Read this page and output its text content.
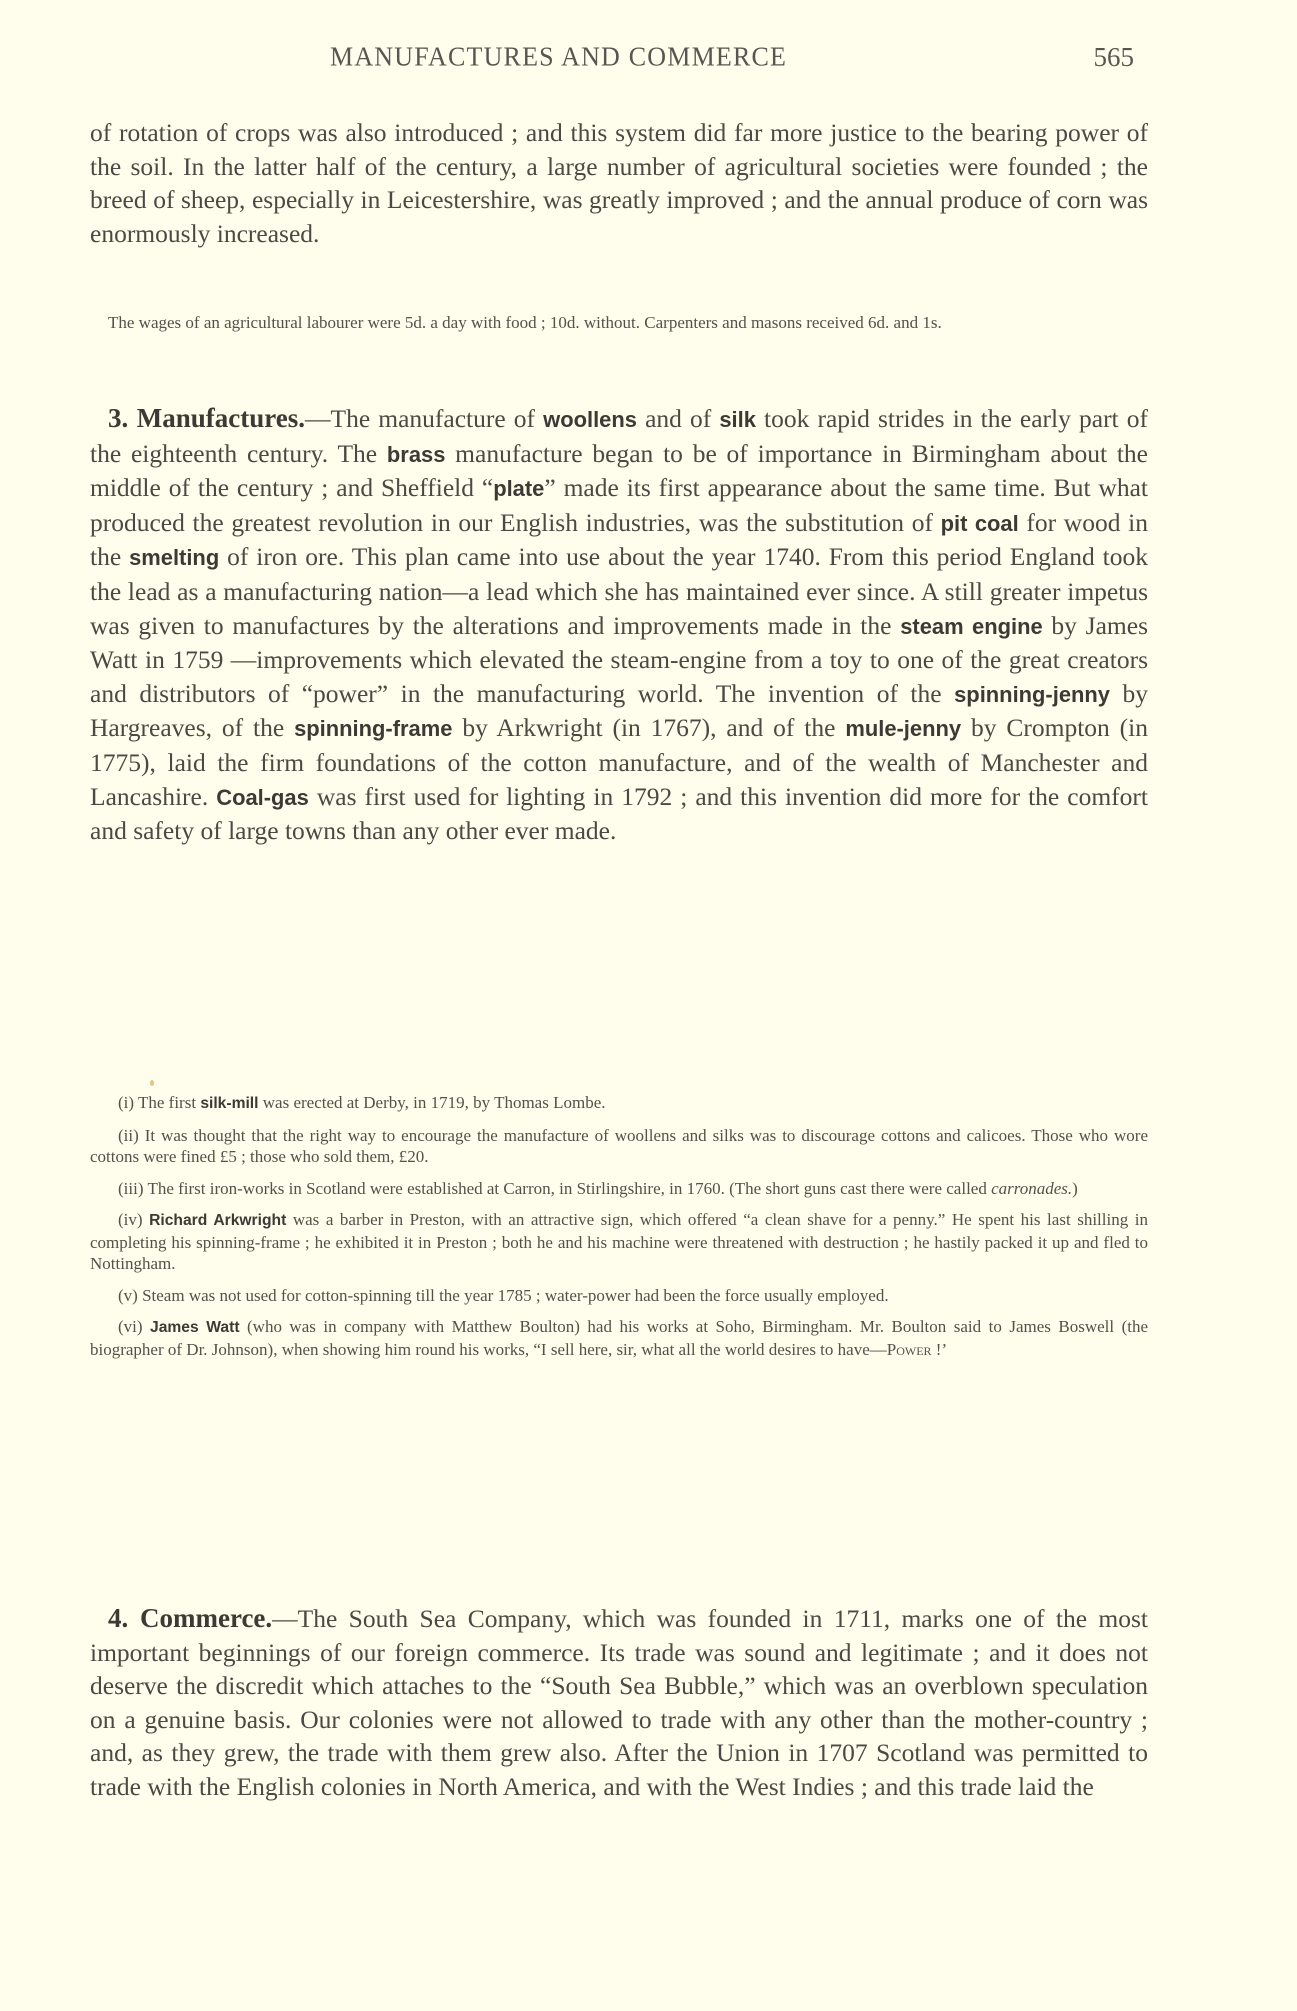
MANUFACTURES AND COMMERCE	565

of rotation of crops was also introduced ; and this system did far more justice to the bearing power of the soil. In the latter half of the century, a large number of agricultural societies were founded ; the breed of sheep, especially in Leicestershire, was greatly improved ; and the annual produce of corn was enormously increased.

The wages of an agricultural labourer were 5d. a day with food ; 10d. without. Carpenters and masons received 6d. and 1s.

3. Manufactures.—The manufacture of woollens and of silk took rapid strides in the early part of the eighteenth century. The brass manufacture began to be of importance in Birmingham about the middle of the century ; and Sheffield “plate” made its first appearance about the same time. But what produced the greatest revolution in our English industries, was the substitution of pit coal for wood in the smelting of iron ore. This plan came into use about the year 1740. From this period England took the lead as a manufacturing nation—a lead which she has maintained ever since. A still greater impetus was given to manufactures by the alterations and improvements made in the steam engine by James Watt in 1759 —improvements which elevated the steam-engine from a toy to one of the great creators and distributors of “power” in the manufacturing world. The invention of the spinning-jenny by Hargreaves, of the spinning-frame by Arkwright (in 1767), and of the mule-jenny by Crompton (in 1775), laid the firm foundations of the cotton manufacture, and of the wealth of Manchester and Lancashire. Coal-gas was first used for lighting in 1792 ; and this invention did more for the comfort and safety of large towns than any other ever made.

(i) The first silk-mill was erected at Derby, in 1719, by Thomas Lombe.

(ii) It was thought that the right way to encourage the manufacture of woollens and silks was to discourage cottons and calicoes. Those who wore cottons were fined £5 ; those who sold them, £20.

(iii) The first iron-works in Scotland were established at Carron, in Stirlingshire, in 1760. (The short guns cast there were called carronades.)

(iv) Richard Arkwright was a barber in Preston, with an attractive sign, which offered “a clean shave for a penny.” He spent his last shilling in completing his spinning-frame ; he exhibited it in Preston ; both he and his machine were threatened with destruction ; he hastily packed it up and fled to Nottingham.

(v) Steam was not used for cotton-spinning till the year 1785 ; water-power had been the force usually employed.

(vi) James Watt (who was in company with Matthew Boulton) had his works at Soho, Birmingham. Mr. Boulton said to James Boswell (the biographer of Dr. Johnson), when showing him round his works, “I sell here, sir, what all the world desires to have—Power !’

4. Commerce.—The South Sea Company, which was founded in 1711, marks one of the most important beginnings of our foreign commerce. Its trade was sound and legitimate ; and it does not deserve the discredit which attaches to the “South Sea Bubble,” which was an overblown speculation on a genuine basis. Our colonies were not allowed to trade with any other than the mother-country ; and, as they grew, the trade with them grew also. After the Union in 1707 Scotland was permitted to trade with the English colonies in North America, and with the West Indies ; and this trade laid the
